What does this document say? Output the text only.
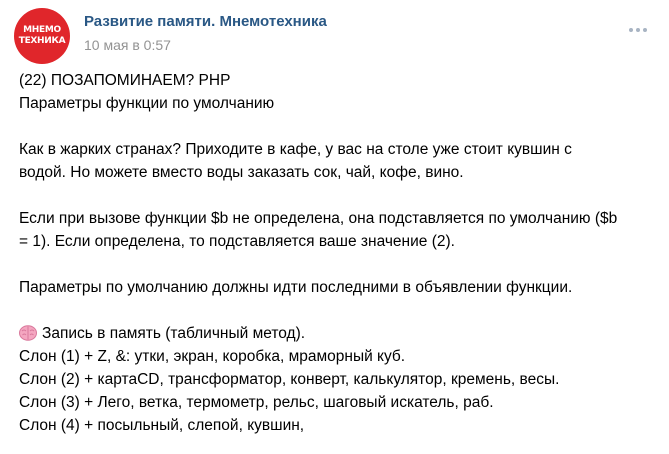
МНЕМО
ТЕХНИКА
Развитие памяти. Мнемотехника
10 мая в 0:57
(22) ПОЗАПОМИНАЕМ? PHP
Параметры функции по умолчанию
Как в жарких странах? Приходите в кафе, у вас на столе уже стоит кувшин с
водой. Но можете вместо воды заказать сок, чай, кофе, вино.
Если при вызове функции $b не определена, она подставляется по умолчанию ($b
= 1). Если определена, то подставляется ваше значение (2).
Параметры по умолчанию должны идти последними в объявлении функции.
Запись в память (табличный метод).
Слон (1) + Z, &: утки, экран, коробка, мраморный куб.
Слон (2) + картаCD, трансформатор, конверт, калькулятор, кремень, весы.
Слон (3) + Лего, ветка, термометр, рельс, шаговый искатель, раб.
Слон (4) + посыльный, слепой, кувшин,
